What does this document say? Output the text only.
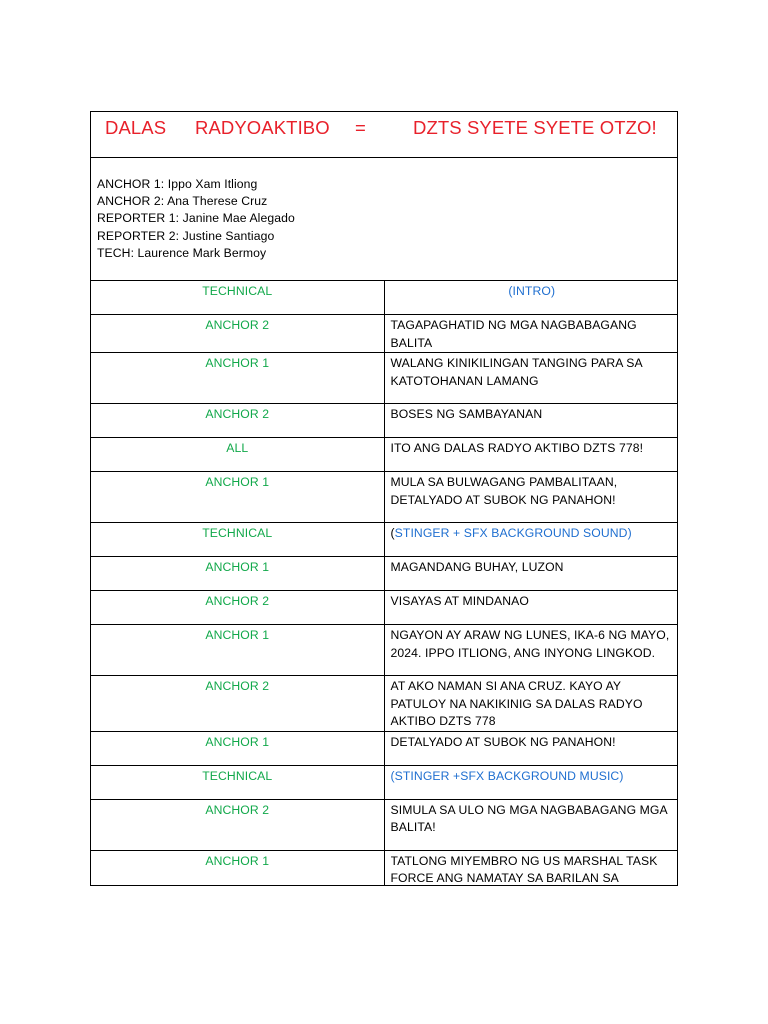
DALAS RADYOAKTIBO = DZTS SYETE SYETE OTZO!	

ANCHOR 1: Ippo Xam Itliong
ANCHOR 2: Ana Therese Cruz
REPORTER 1: Janine Mae Alegado
REPORTER 2: Justine Santiago
TECH: Laurence Mark Bermoy	

TECHNICAL	(INTRO)
ANCHOR 2	TAGAPAGHATID NG MGA NAGBABAGANG BALITA
ANCHOR 1	WALANG KINIKILINGAN TANGING PARA SA KATOTOHANAN LAMANG
ANCHOR 2	BOSES NG SAMBAYANAN
ALL	ITO ANG DALAS RADYO AKTIBO DZTS 778!
ANCHOR 1	MULA SA BULWAGANG PAMBALITAAN, DETALYADO AT SUBOK NG PANAHON!
TECHNICAL	(STINGER + SFX BACKGROUND SOUND)
ANCHOR 1	MAGANDANG BUHAY, LUZON
ANCHOR 2	VISAYAS AT MINDANAO
ANCHOR 1	NGAYON AY ARAW NG LUNES, IKA-6 NG MAYO, 2024. IPPO ITLIONG, ANG INYONG LINGKOD.
ANCHOR 2	AT AKO NAMAN SI ANA CRUZ. KAYO AY PATULOY NA NAKIKINIG SA DALAS RADYO AKTIBO DZTS 778
ANCHOR 1	DETALYADO AT SUBOK NG PANAHON!
TECHNICAL	(STINGER +SFX BACKGROUND MUSIC)
ANCHOR 2	SIMULA SA ULO NG MGA NAGBABAGANG MGA BALITA!
ANCHOR 1	TATLONG MIYEMBRO NG US MARSHAL TASK FORCE ANG NAMATAY SA BARILAN SA
